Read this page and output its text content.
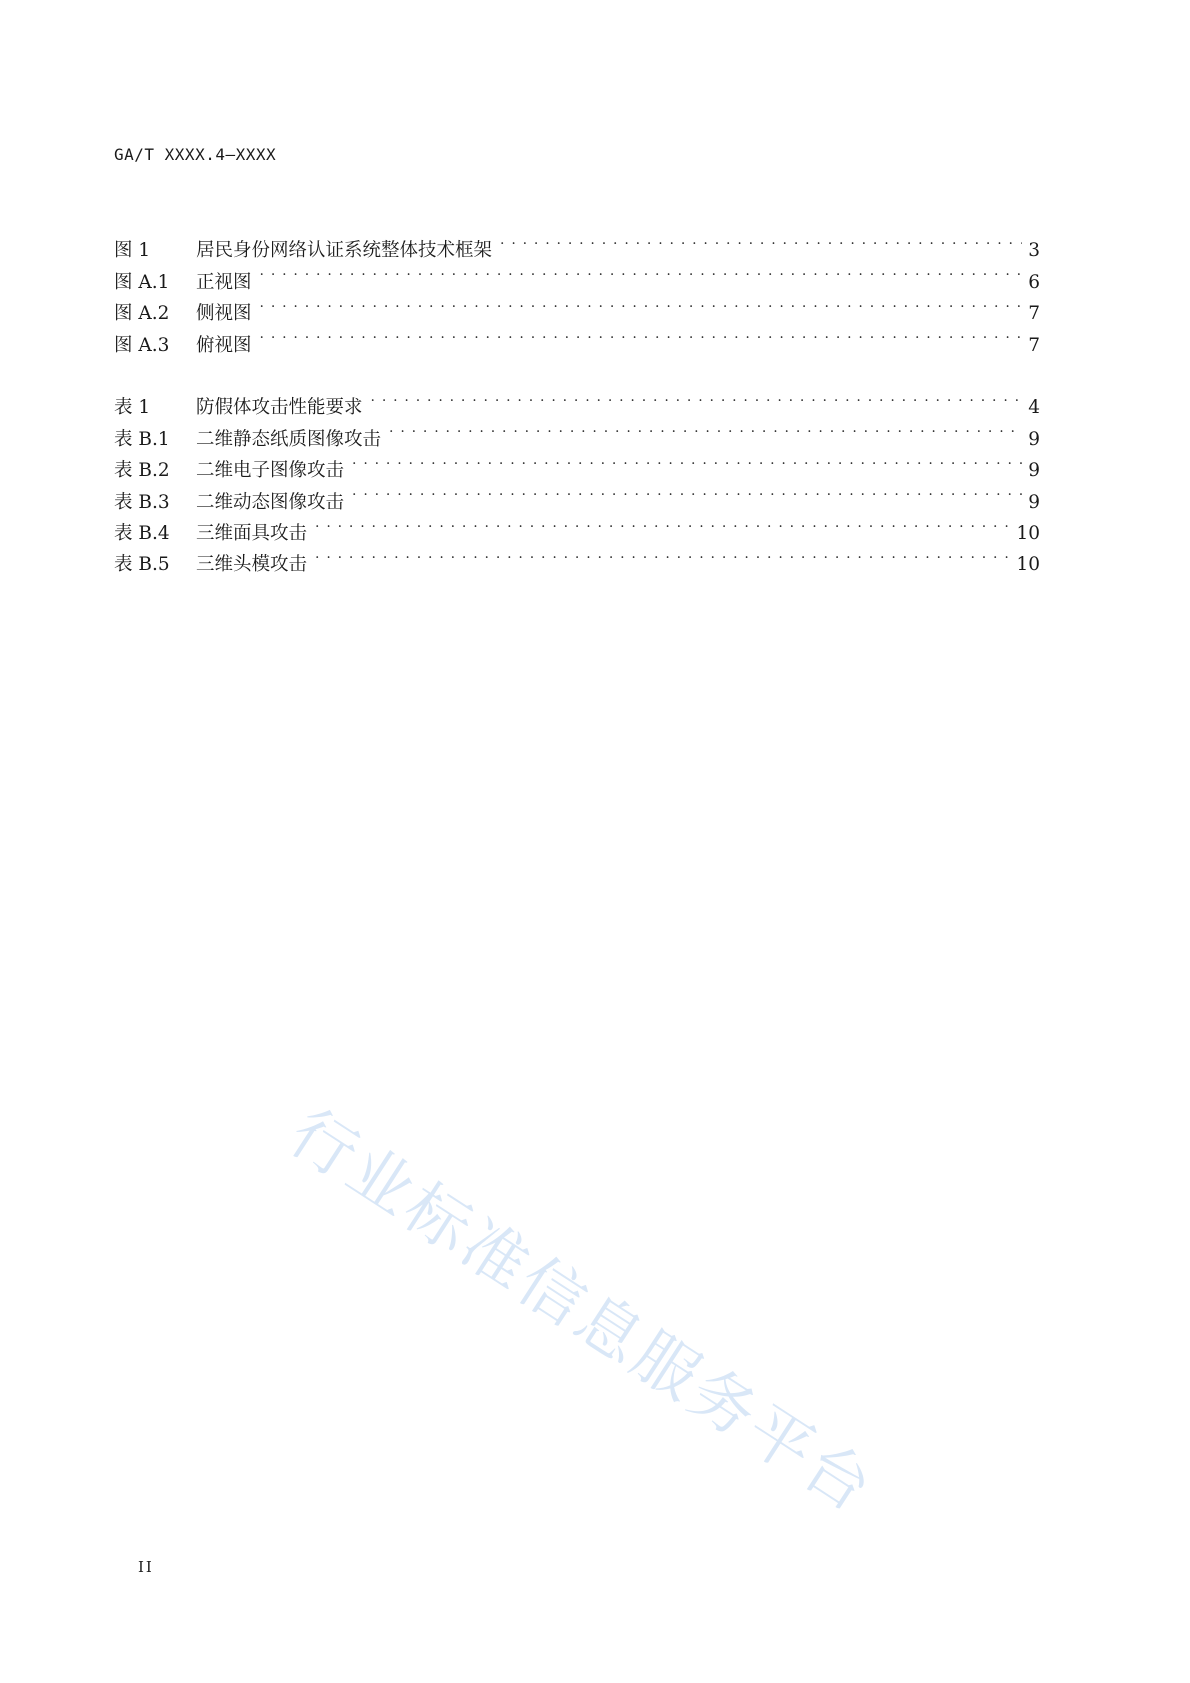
GA/T XXXX.4—XXXX
图 1	居民身份网络认证系统整体技术框架 . . .	3
图 A.1	正视图 . . .	6
图 A.2	侧视图 . . .	7
图 A.3	俯视图 . . .	7
表 1	防假体攻击性能要求 . . .	4
表 B.1	二维静态纸质图像攻击 . . .	9
表 B.2	二维电子图像攻击 . . .	9
表 B.3	二维动态图像攻击 . . .	9
表 B.4	三维面具攻击 . . .	10
表 B.5	三维头模攻击 . . .	10
行业标准信息服务平台
II
